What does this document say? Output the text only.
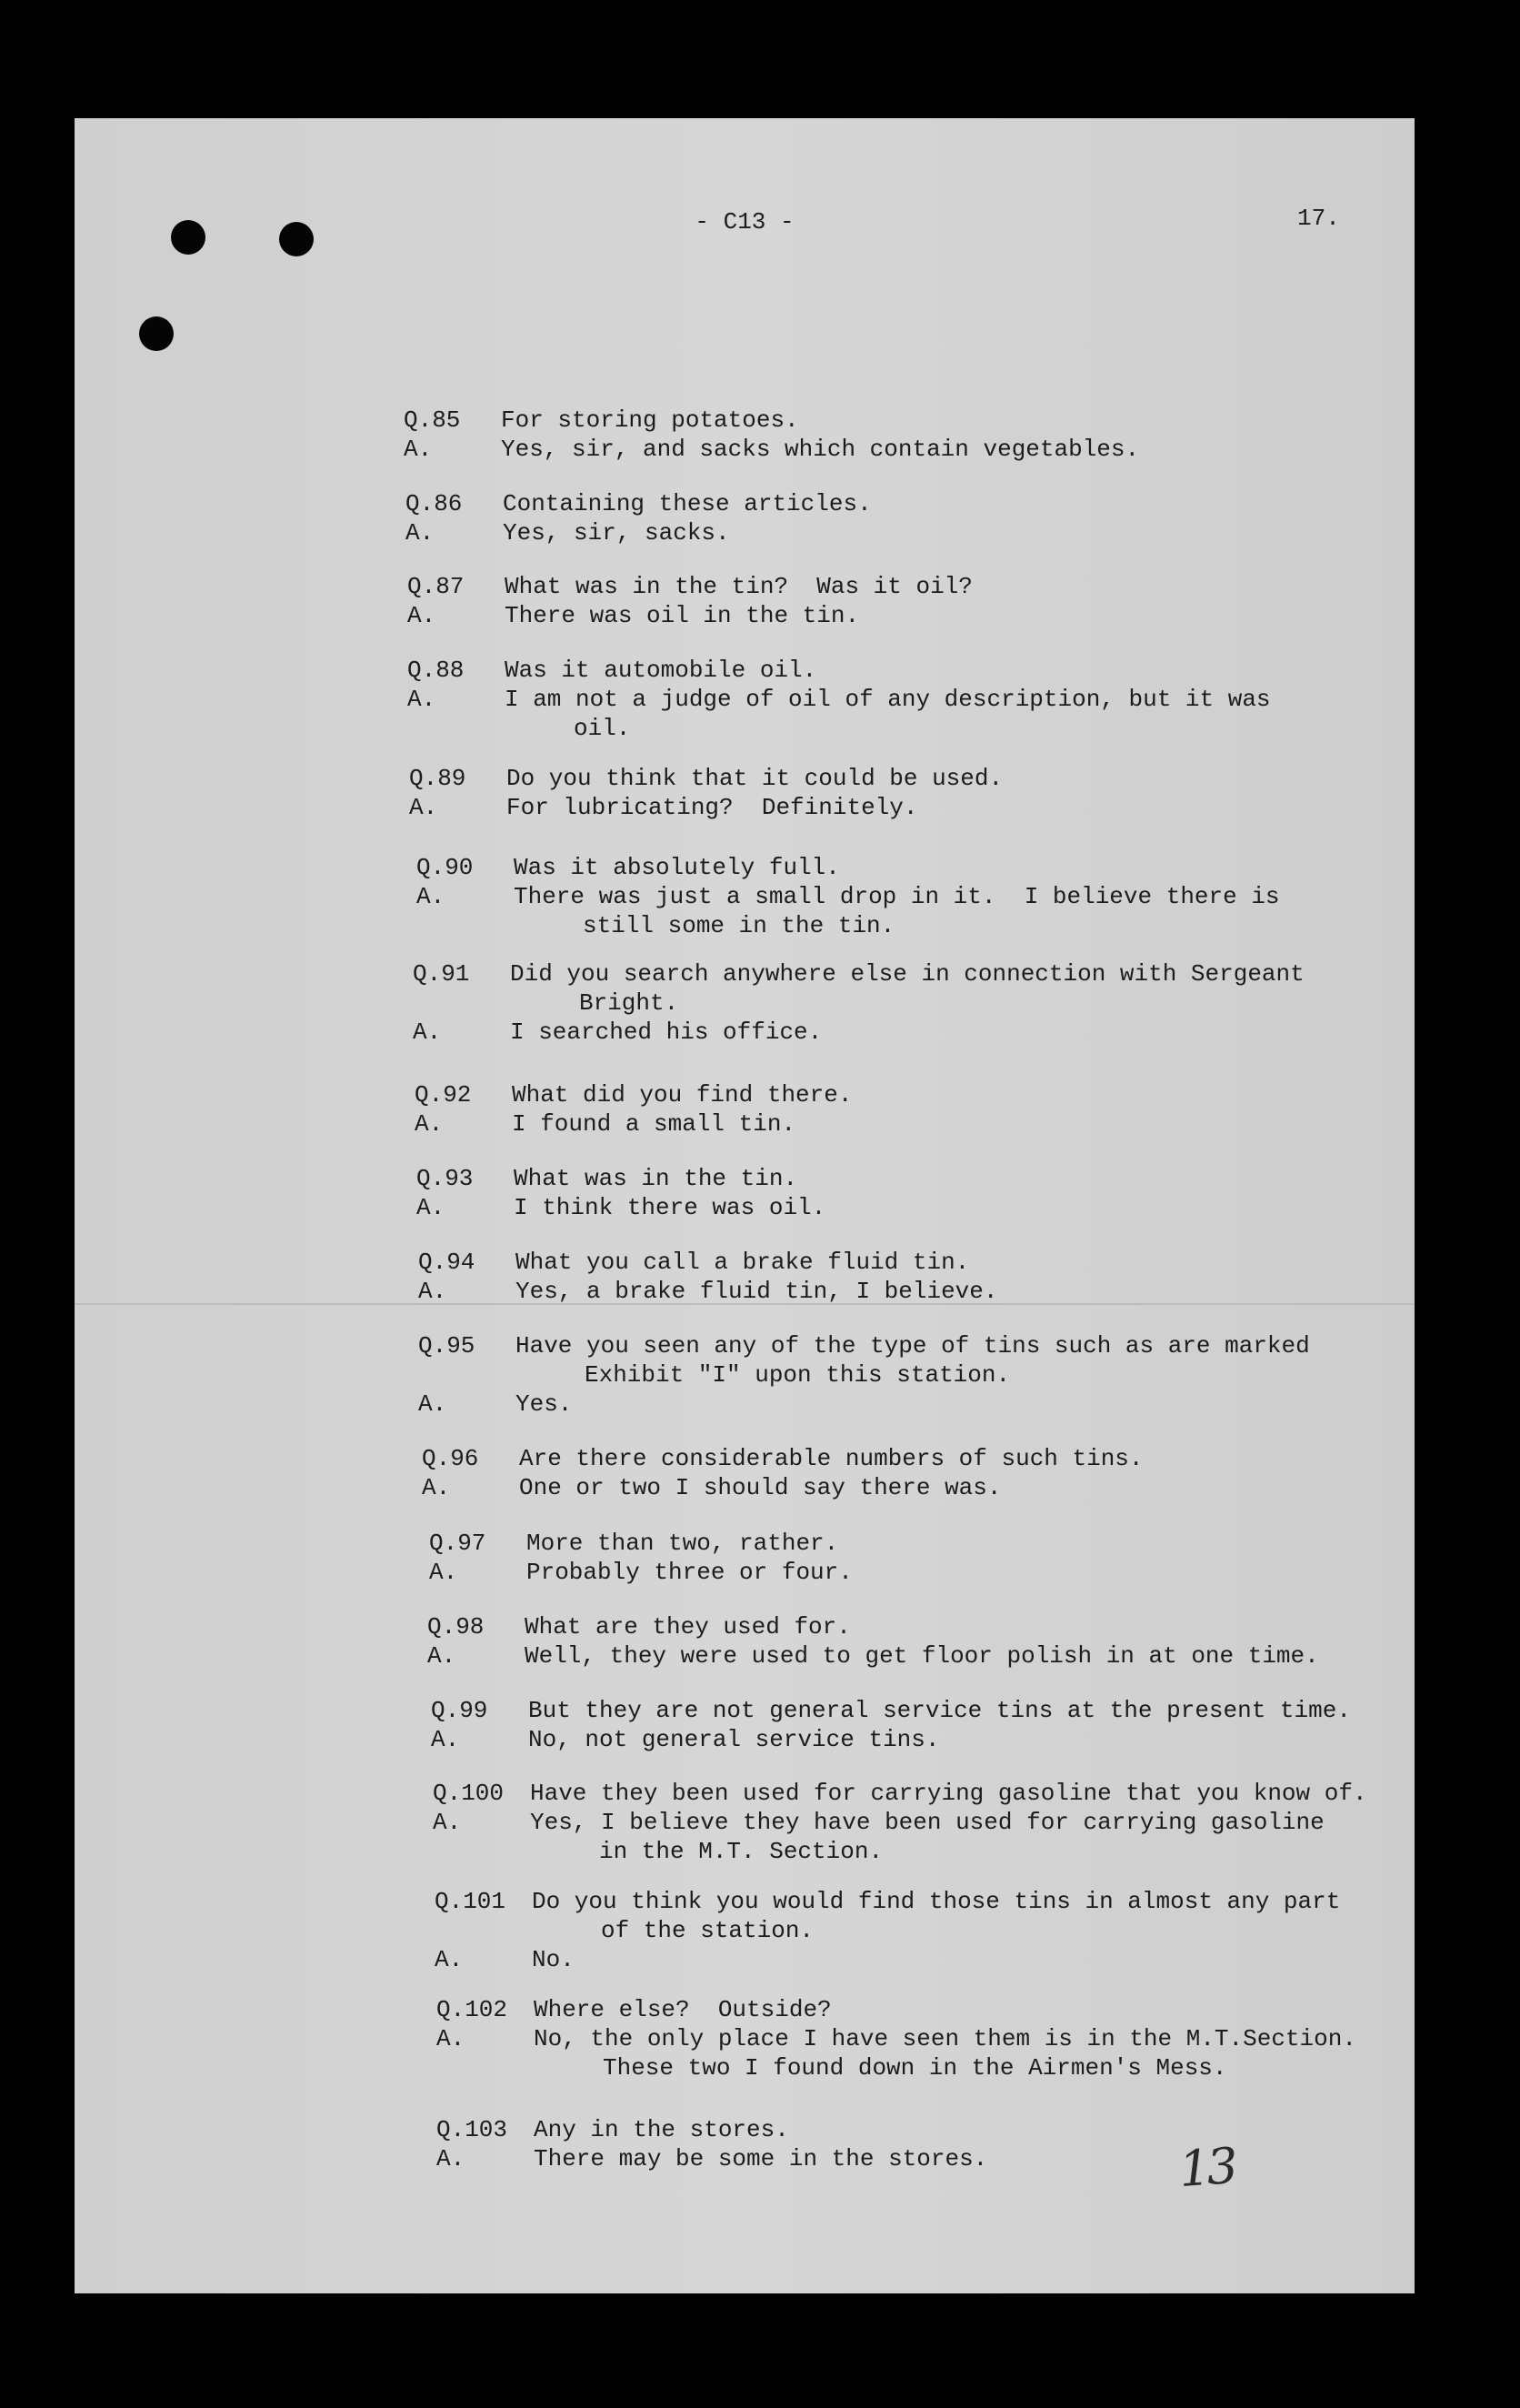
- C13 -	17.
Q.85 For storing potatoes.
A.	Yes, sir, and sacks which contain vegetables.
Q.86 Containing these articles.
A.	Yes, sir, sacks.
Q.87 What was in the tin?  Was it oil?
A.	There was oil in the tin.
Q.88 Was it automobile oil.
A.	I am not a judge of oil of any description, but it was
oil.
Q.89 Do you think that it could be used.
A.	For lubricating?  Definitely.
Q.90 Was it absolutely full.
A.	There was just a small drop in it.  I believe there is
still some in the tin.
Q.91 Did you search anywhere else in connection with Sergeant
Bright.
A.	I searched his office.
Q.92 What did you find there.
A.	I found a small tin.
Q.93 What was in the tin.
A.	I think there was oil.
Q.94 What you call a brake fluid tin.
A.	Yes, a brake fluid tin, I believe.
Q.95 Have you seen any of the type of tins such as are marked
Exhibit "I" upon this station.
A.	Yes.
Q.96 Are there considerable numbers of such tins.
A.	One or two I should say there was.
Q.97 More than two, rather.
A.	Probably three or four.
Q.98 What are they used for.
A.	Well, they were used to get floor polish in at one time.
Q.99 But they are not general service tins at the present time.
A.	No, not general service tins.
Q.100 Have they been used for carrying gasoline that you know of.
A.	Yes, I believe they have been used for carrying gasoline
in the M.T. Section.
Q.101 Do you think you would find those tins in almost any part
of the station.
A.	No.
Q.102 Where else?  Outside?
A.	No, the only place I have seen them is in the M.T.Section.
These two I found down in the Airmen's Mess.
Q.103 Any in the stores.
A.	There may be some in the stores.	13
